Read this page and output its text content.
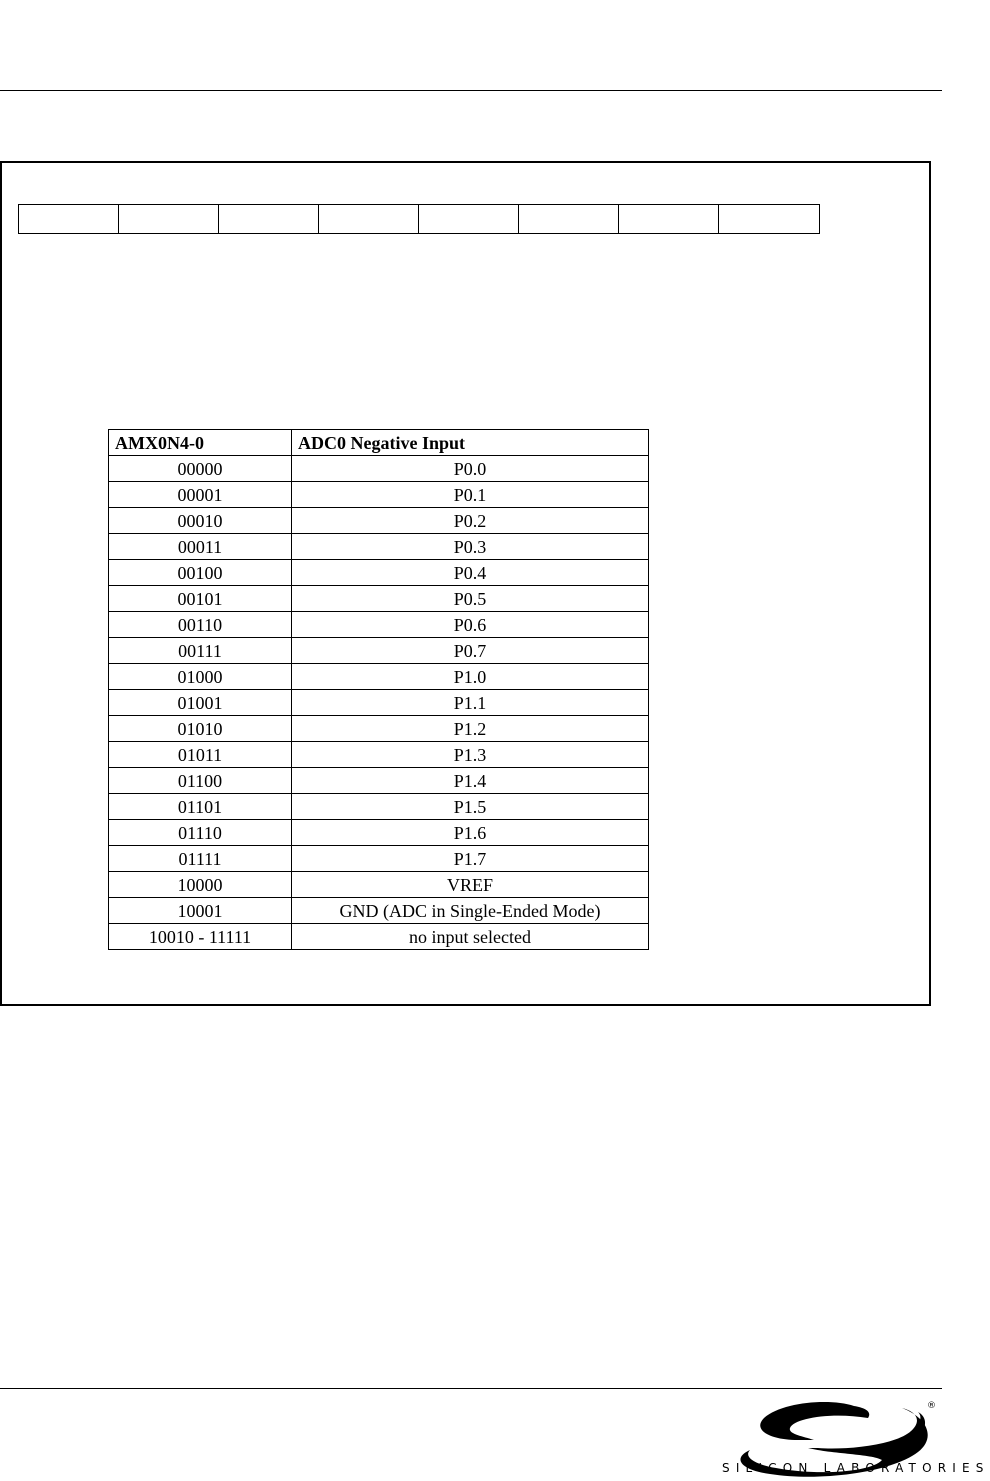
AMX0N4-0	ADC0 Negative Input
00000	P0.0
00001	P0.1
00010	P0.2
00011	P0.3
00100	P0.4
00101	P0.5
00110	P0.6
00111	P0.7
01000	P1.0
01001	P1.1
01010	P1.2
01011	P1.3
01100	P1.4
01101	P1.5
01110	P1.6
01111	P1.7
10000	VREF
10001	GND (ADC in Single-Ended Mode)
10010 - 11111	no input selected
®
SILICON LABORATORIES
